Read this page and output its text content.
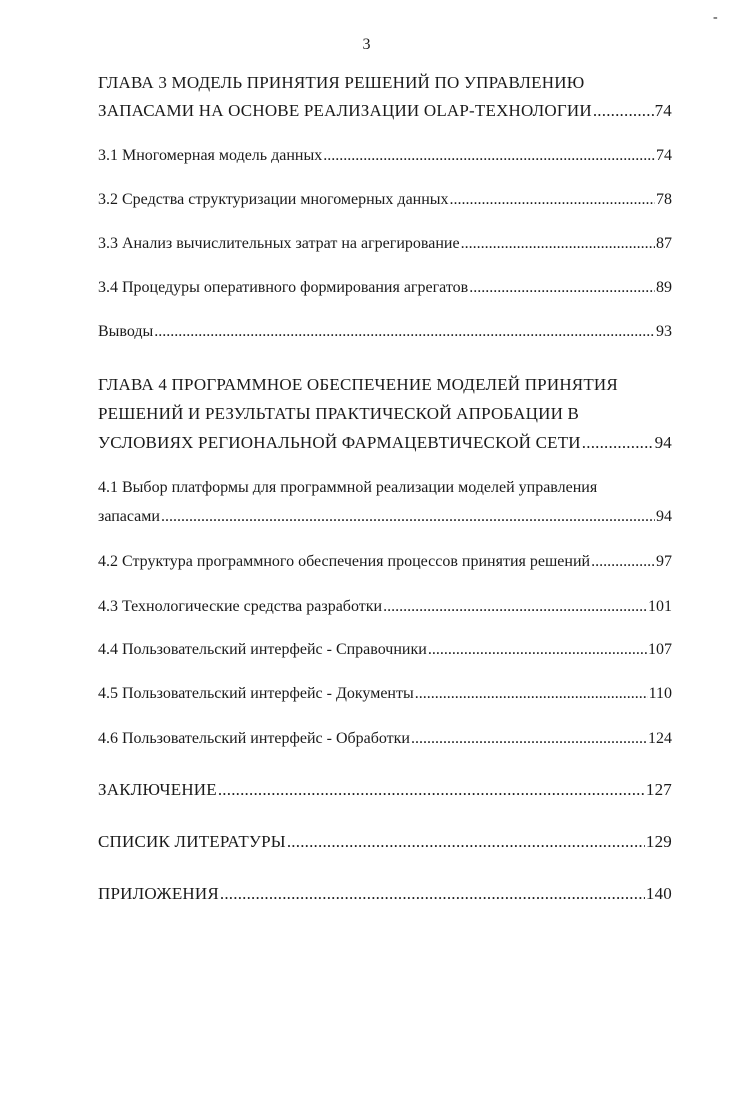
-
3
ГЛАВА 3 МОДЕЛЬ ПРИНЯТИЯ РЕШЕНИЙ ПО УПРАВЛЕНИЮ
ЗАПАСАМИ НА ОСНОВЕ РЕАЛИЗАЦИИ OLAP-ТЕХНОЛОГИИ .....	74
3.1 Многомерная модель данных .....	74
3.2 Средства структуризации многомерных данных .....	78
3.3 Анализ вычислительных затрат на агрегирование .....	87
3.4 Процедуры оперативного формирования агрегатов .....	89
Выводы .....	93
ГЛАВА 4 ПРОГРАММНОЕ ОБЕСПЕЧЕНИЕ МОДЕЛЕЙ ПРИНЯТИЯ
РЕШЕНИЙ И РЕЗУЛЬТАТЫ ПРАКТИЧЕСКОЙ АПРОБАЦИИ В
УСЛОВИЯХ РЕГИОНАЛЬНОЙ ФАРМАЦЕВТИЧЕСКОЙ СЕТИ .....	94
4.1 Выбор платформы для программной реализации моделей управления
запасами .....	94
4.2 Структура программного обеспечения процессов принятия решений .....	97
4.3 Технологические средства разработки .....	101
4.4 Пользовательский интерфейс - Справочники .....	107
4.5 Пользовательский интерфейс - Документы .....	110
4.6 Пользовательский интерфейс - Обработки .....	124
ЗАКЛЮЧЕНИЕ .....	127
СПИСИК ЛИТЕРАТУРЫ .....	129
ПРИЛОЖЕНИЯ .....	140
